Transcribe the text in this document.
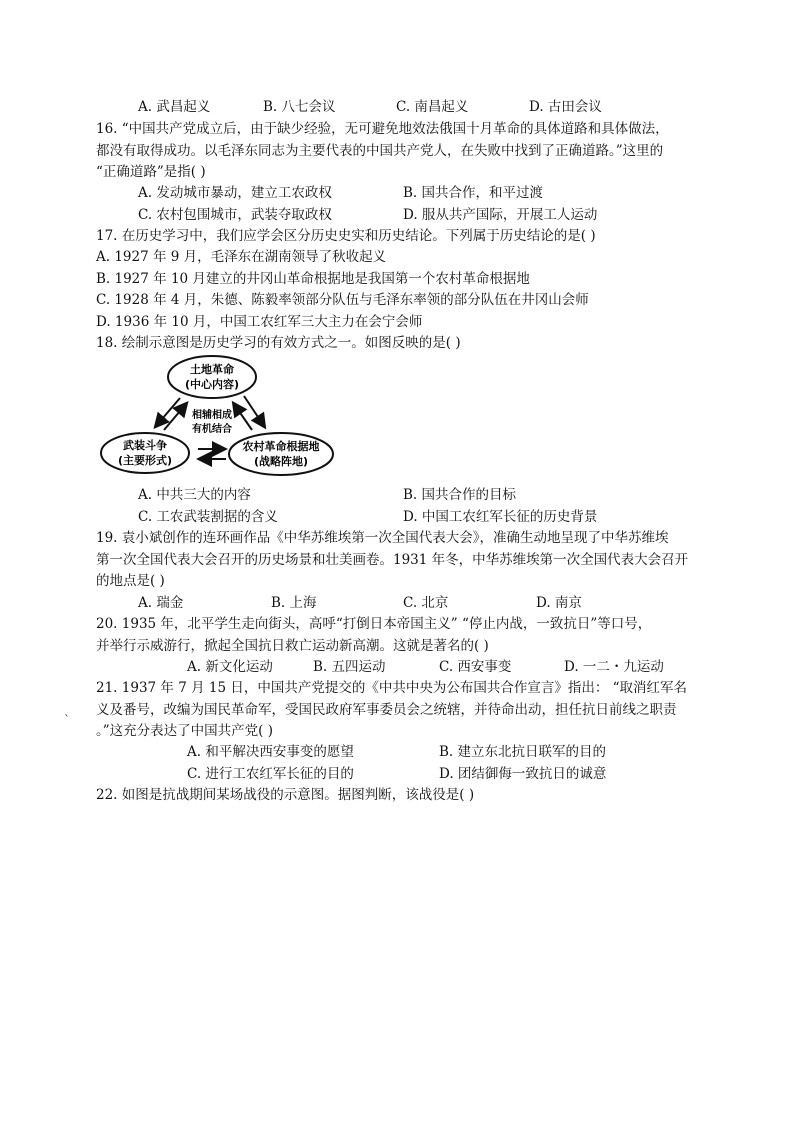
A. 武昌起义	B. 八七会议	C. 南昌起义	D. 古田会议
16. “中国共产党成立后，由于缺少经验，无可避免地效法俄国十月革命的具体道路和具体做法，
都没有取得成功。以毛泽东同志为主要代表的中国共产党人，在失败中找到了正确道路。”这里的
“正确道路”是指( )
A. 发动城市暴动，建立工农政权	B. 国共合作，和平过渡
C. 农村包围城市，武装夺取政权	D. 服从共产国际，开展工人运动
17. 在历史学习中，我们应学会区分历史史实和历史结论。下列属于历史结论的是( )
A. 1927 年 9 月，毛泽东在湖南领导了秋收起义
B. 1927 年 10 月建立的井冈山革命根据地是我国第一个农村革命根据地
C. 1928 年 4 月，朱德、陈毅率领部分队伍与毛泽东率领的部分队伍在井冈山会师
D. 1936 年 10 月，中国工农红军三大主力在会宁会师
18. 绘制示意图是历史学习的有效方式之一。如图反映的是( )
土地革命
(中心内容)
武装斗争
(主要形式)
农村革命根据地
(战略阵地)
相辅相成
有机结合
A. 中共三大的内容	B. 国共合作的目标
C. 工农武装割据的含义	D. 中国工农红军长征的历史背景
19. 袁小斌创作的连环画作品《中华苏维埃第一次全国代表大会》，准确生动地呈现了中华苏维埃
第一次全国代表大会召开的历史场景和壮美画卷。1931 年冬，中华苏维埃第一次全国代表大会召开
的地点是( )
A. 瑞金	B. 上海	C. 北京	D. 南京
20. 1935 年，北平学生走向街头，高呼“打倒日本帝国主义” “停止内战，一致抗日”等口号，
并举行示威游行，掀起全国抗日救亡运动新高潮。这就是著名的( )
A. 新文化运动	B. 五四运动	C. 西安事变	D. 一二・九运动
21. 1937 年 7 月 15 日，中国共产党提交的《中共中央为公布国共合作宣言》指出： “取消红军名
`
义及番号，改编为国民革命军，受国民政府军事委员会之统辖，并待命出动，担任抗日前线之职责
。”这充分表达了中国共产党( )
A. 和平解决西安事变的愿望	B. 建立东北抗日联军的目的
C. 进行工农红军长征的目的	D. 团结御侮一致抗日的诚意
22. 如图是抗战期间某场战役的示意图。据图判断，该战役是( )
